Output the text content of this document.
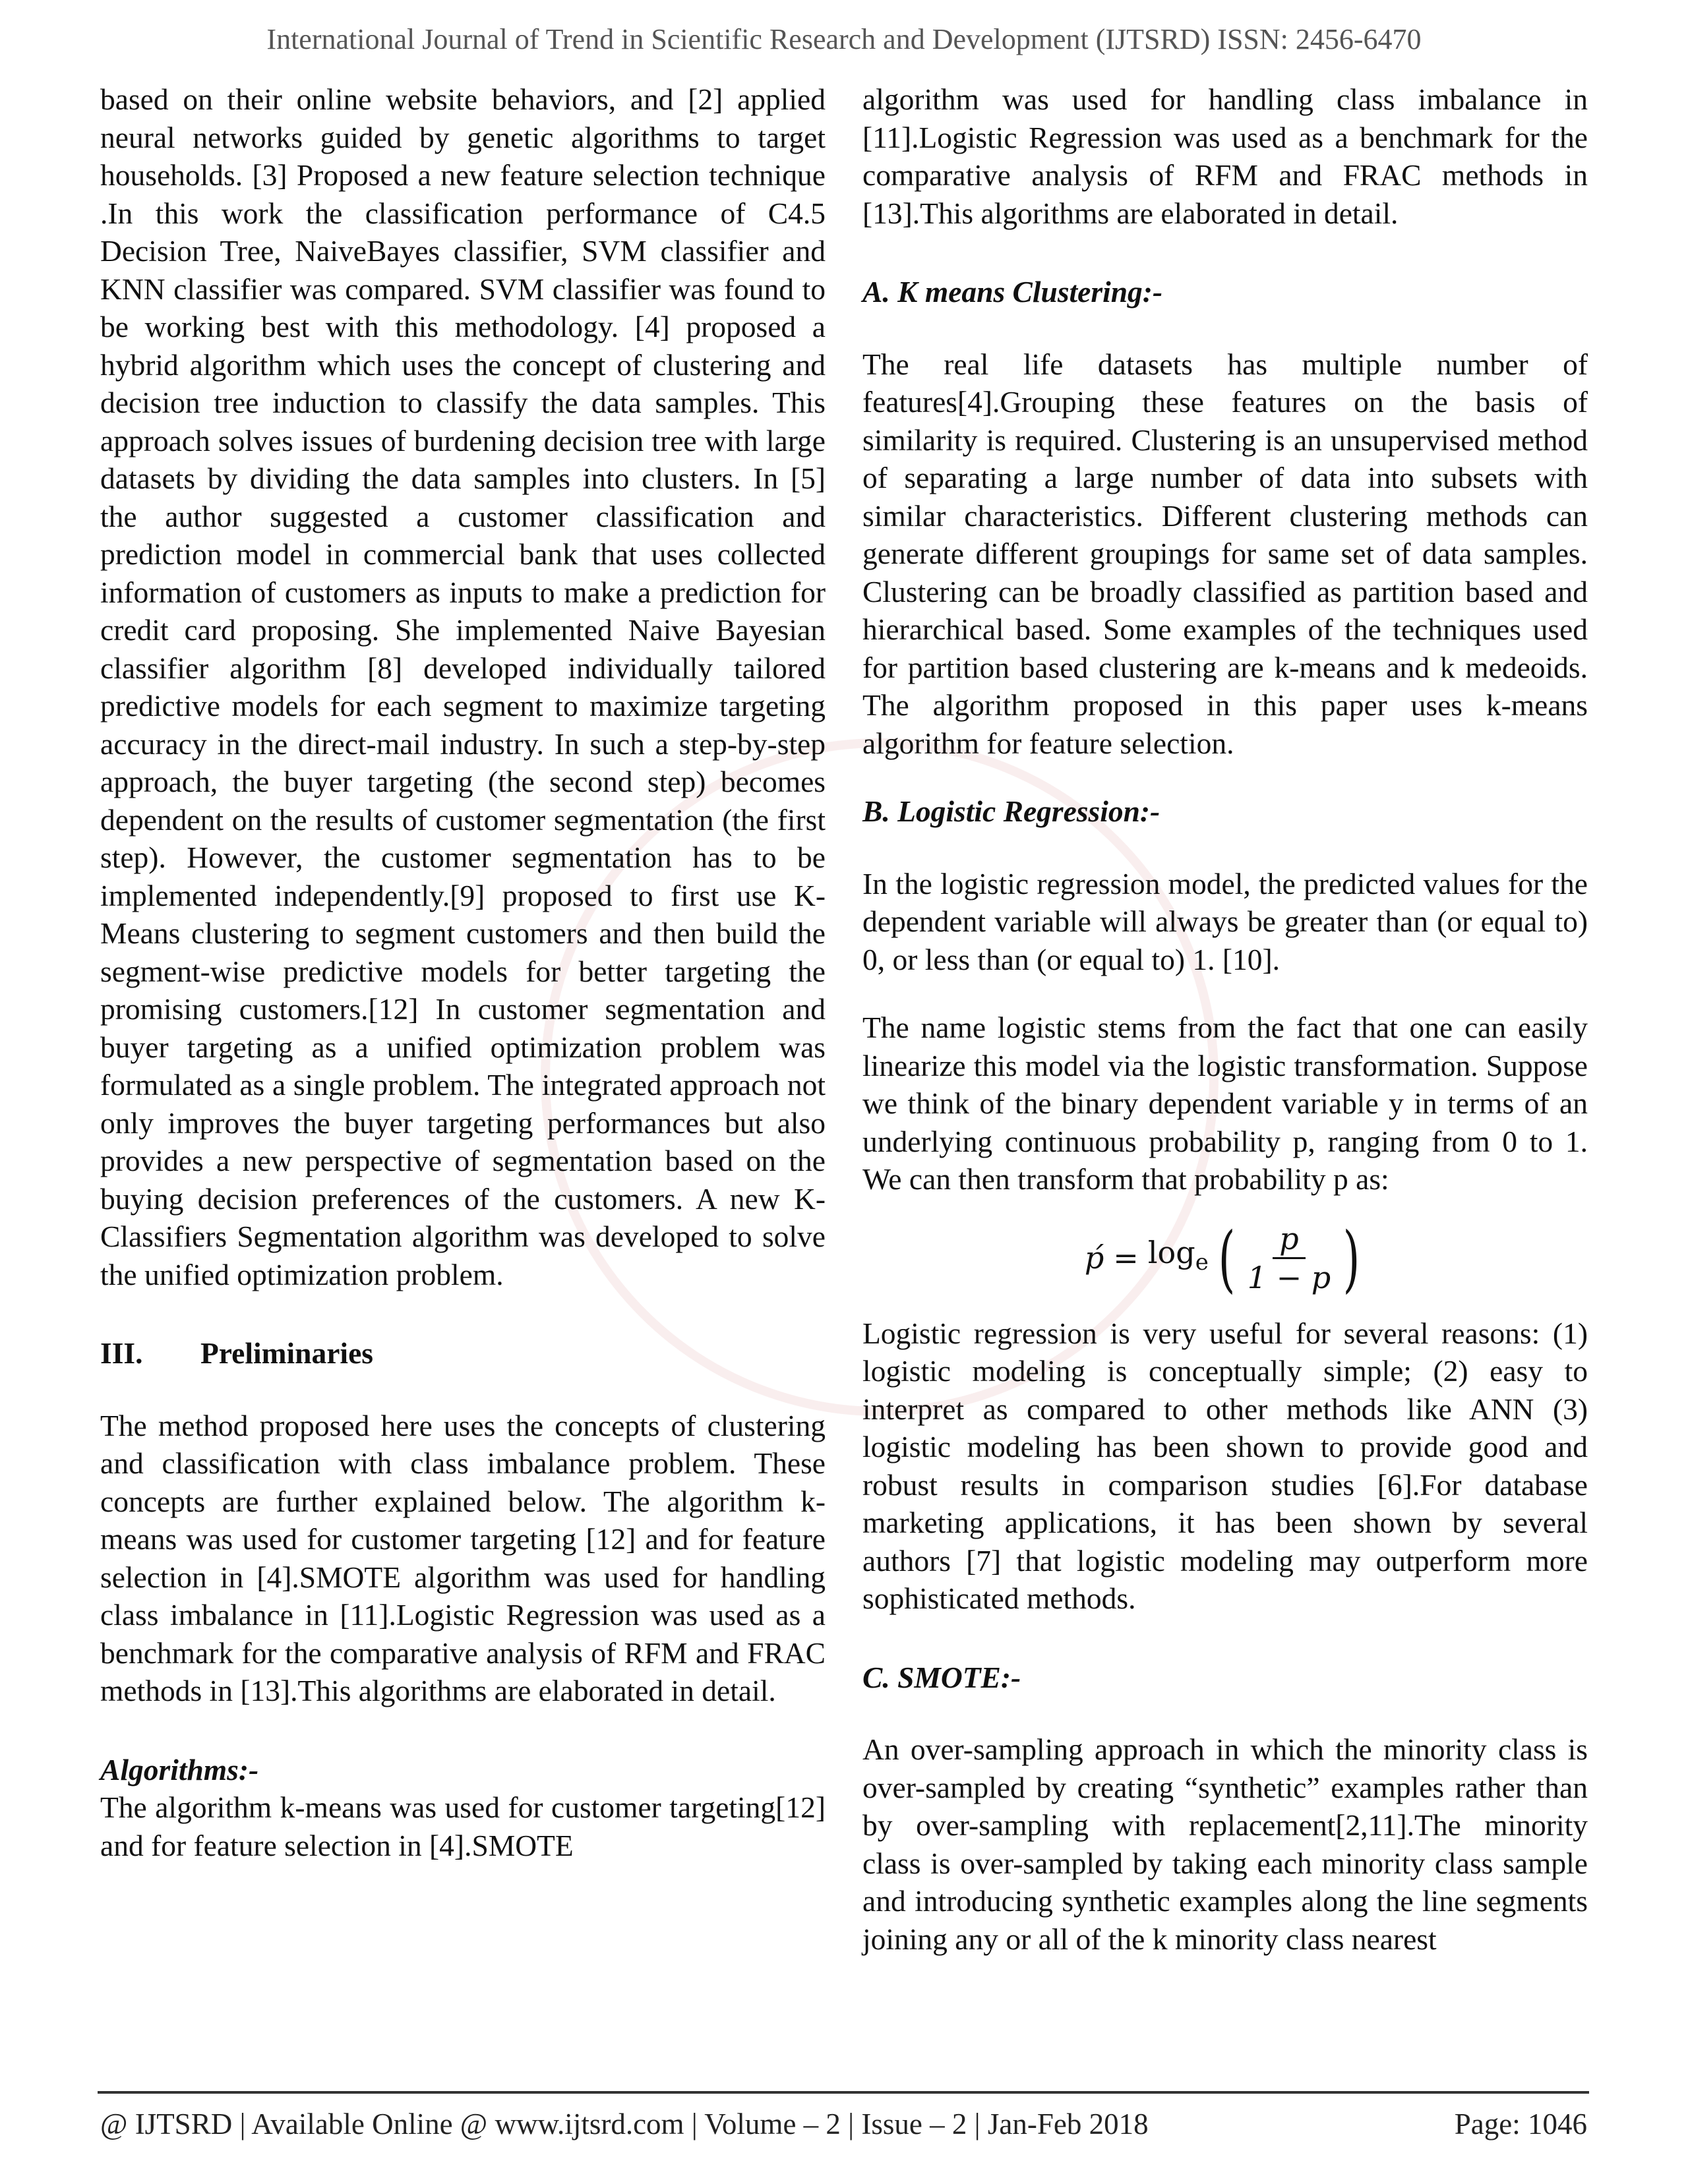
International Journal of Trend in Scientific Research and Development (IJTSRD) ISSN: 2456-6470

based on their online website behaviors, and [2] applied neural networks guided by genetic algorithms to target households. [3] Proposed a new feature selection technique .In this work the classification performance of C4.5 Decision Tree, NaiveBayes classifier, SVM classifier and KNN classifier was compared. SVM classifier was found to be working best with this methodology. [4] proposed a hybrid algorithm which uses the concept of clustering and decision tree induction to classify the data samples. This approach solves issues of burdening decision tree with large datasets by dividing the data samples into clusters. In [5] the author suggested a customer classification and prediction model in commercial bank that uses collected information of customers as inputs to make a prediction for credit card proposing. She implemented Naive Bayesian classifier algorithm [8] developed individually tailored predictive models for each segment to maximize targeting accuracy in the direct-mail industry. In such a step-by-step approach, the buyer targeting (the second step) becomes dependent on the results of customer segmentation (the first step). However, the customer segmentation has to be implemented independently.[9] proposed to first use K-Means clustering to segment customers and then build the segment-wise predictive models for better targeting the promising customers.[12] In customer segmentation and buyer targeting as a unified optimization problem was formulated as a single problem. The integrated approach not only improves the buyer targeting performances but also provides a new perspective of segmentation based on the buying decision preferences of the customers. A new K-Classifiers Segmentation algorithm was developed to solve the unified optimization problem.

III. Preliminaries

The method proposed here uses the concepts of clustering and classification with class imbalance problem. These concepts are further explained below. The algorithm k-means was used for customer targeting [12] and for feature selection in [4].SMOTE algorithm was used for handling class imbalance in [11].Logistic Regression was used as a benchmark for the comparative analysis of RFM and FRAC methods in [13].This algorithms are elaborated in detail.

Algorithms:-

The algorithm k-means was used for customer targeting[12] and for feature selection in [4].SMOTE

algorithm was used for handling class imbalance in [11].Logistic Regression was used as a benchmark for the comparative analysis of RFM and FRAC methods in [13].This algorithms are elaborated in detail.

A. K means Clustering:-

The real life datasets has multiple number of features[4].Grouping these features on the basis of similarity is required. Clustering is an unsupervised method of separating a large number of data into subsets with similar characteristics. Different clustering methods can generate different groupings for same set of data samples. Clustering can be broadly classified as partition based and hierarchical based. Some examples of the techniques used for partition based clustering are k-means and k medeoids. The algorithm proposed in this paper uses k-means algorithm for feature selection.

B. Logistic Regression:-

In the logistic regression model, the predicted values for the dependent variable will always be greater than (or equal to) 0, or less than (or equal to) 1. [10].

The name logistic stems from the fact that one can easily linearize this model via the logistic transformation. Suppose we think of the binary dependent variable y in terms of an underlying continuous probability p, ranging from 0 to 1. We can then transform that probability p as:

ṕ = $\log_e$ ( $\frac{p}{1 - p}$ )

Logistic regression is very useful for several reasons: (1) logistic modeling is conceptually simple; (2) easy to interpret as compared to other methods like ANN (3) logistic modeling has been shown to provide good and robust results in comparison studies [6].For database marketing applications, it has been shown by several authors [7] that logistic modeling may outperform more sophisticated methods.

C. SMOTE:-

An over-sampling approach in which the minority class is over-sampled by creating “synthetic” examples rather than by over-sampling with replacement[2,11].The minority class is over-sampled by taking each minority class sample and introducing synthetic examples along the line segments joining any or all of the k minority class nearest

@ IJTSRD | Available Online @ www.ijtsrd.com | Volume – 2 | Issue – 2 | Jan-Feb 2018	Page: 1046
